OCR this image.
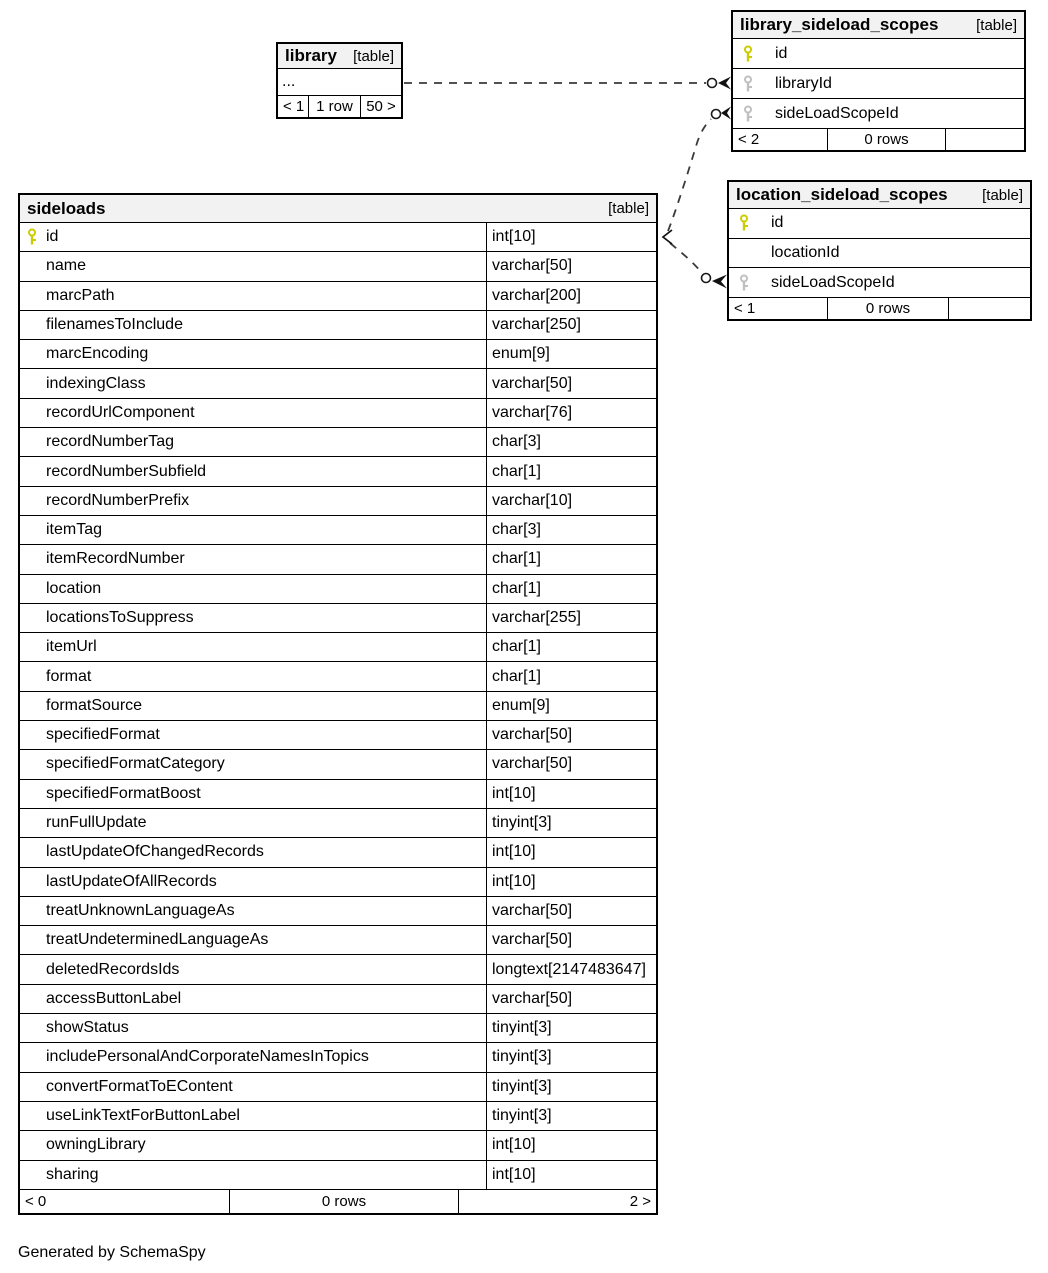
sideloads	[table]
id	int[10]
name	varchar[50]
marcPath	varchar[200]
filenamesToInclude	varchar[250]
marcEncoding	enum[9]
indexingClass	varchar[50]
recordUrlComponent	varchar[76]
recordNumberTag	char[3]
recordNumberSubfield	char[1]
recordNumberPrefix	varchar[10]
itemTag	char[3]
itemRecordNumber	char[1]
location	char[1]
locationsToSuppress	varchar[255]
itemUrl	char[1]
format	char[1]
formatSource	enum[9]
specifiedFormat	varchar[50]
specifiedFormatCategory	varchar[50]
specifiedFormatBoost	int[10]
runFullUpdate	tinyint[3]
lastUpdateOfChangedRecords	int[10]
lastUpdateOfAllRecords	int[10]
treatUnknownLanguageAs	varchar[50]
treatUndeterminedLanguageAs	varchar[50]
deletedRecordsIds	longtext[2147483647]
accessButtonLabel	varchar[50]
showStatus	tinyint[3]
includePersonalAndCorporateNamesInTopics	tinyint[3]
convertFormatToEContent	tinyint[3]
useLinkTextForButtonLabel	tinyint[3]
owningLibrary	int[10]
sharing	int[10]
< 0	0 rows	2 >
library [table]
...
< 1 1 row 50 >
library_sideload_scopes	[table]
id
libraryId
sideLoadScopeId
< 2	0 rows
location_sideload_scopes [table]
id
locationId
sideLoadScopeId
< 1	0 rows
Generated by SchemaSpy
